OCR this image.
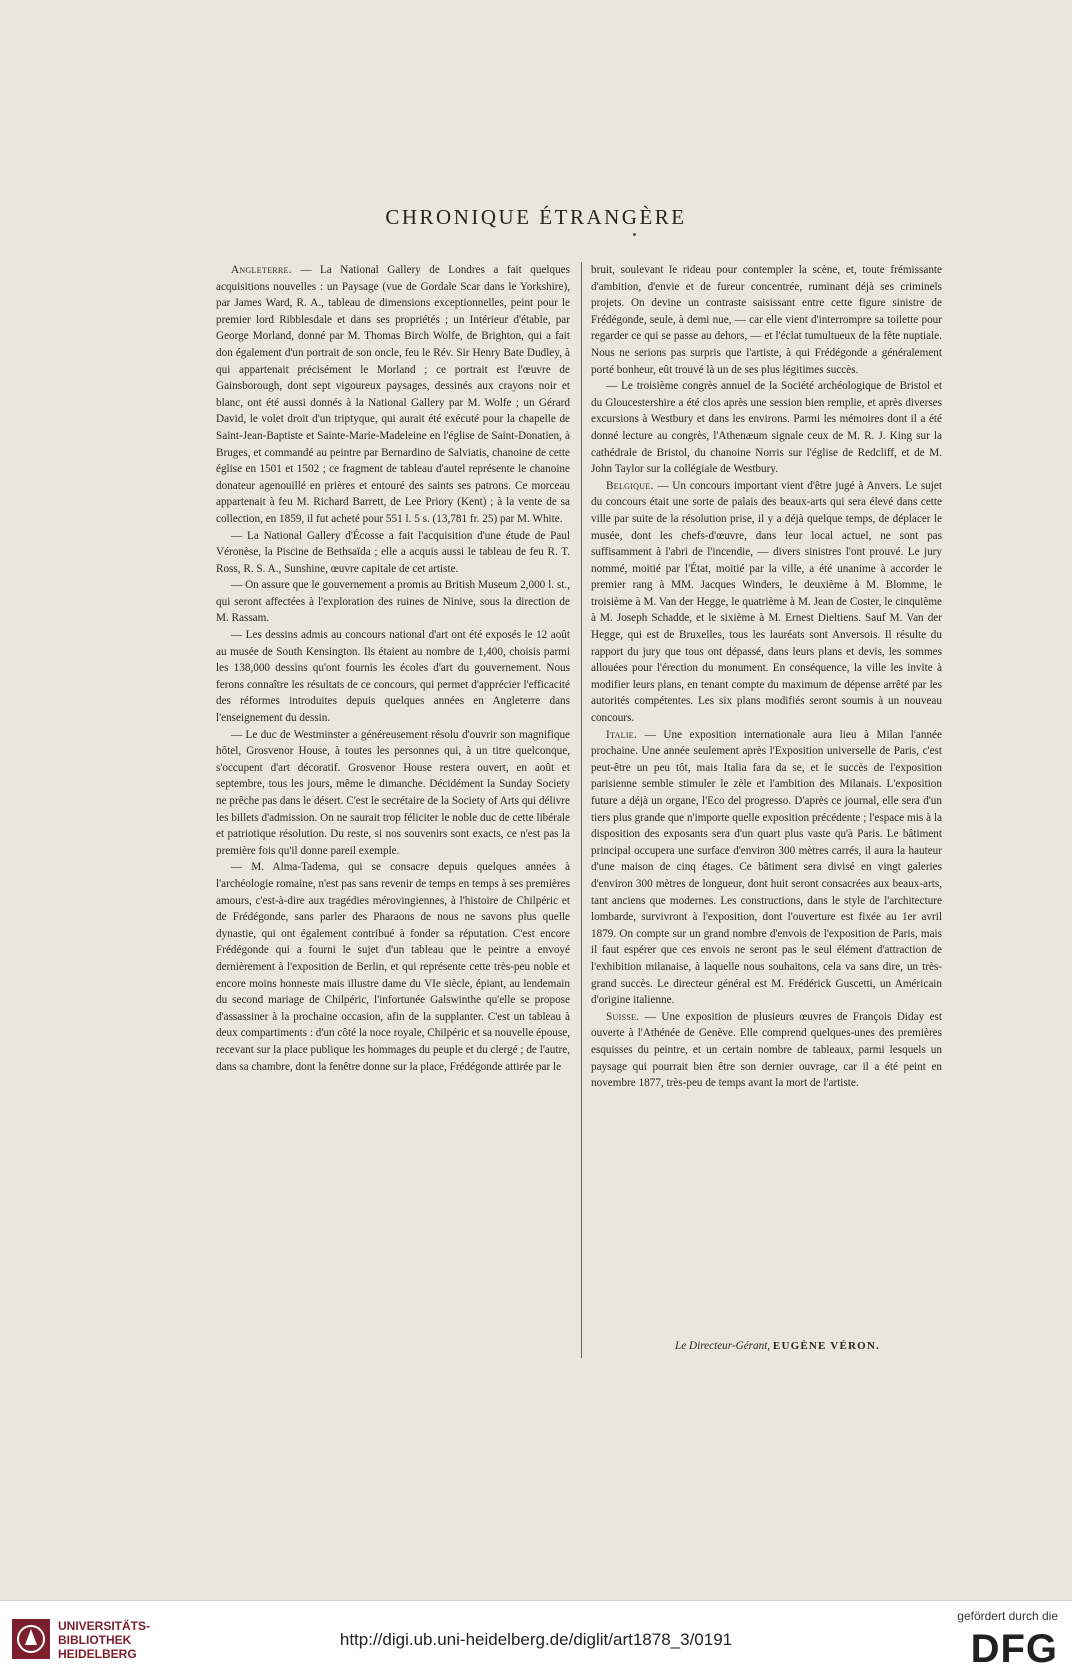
CHRONIQUE ÉTRANGÈRE

Angleterre. — La National Gallery de Londres a fait quelques acquisitions nouvelles : un Paysage (vue de Gordale Scar dans le Yorkshire), par James Ward, R. A., tableau de dimensions exceptionnelles, peint pour le premier lord Ribblesdale et dans ses propriétés ; un Intérieur d'étable, par George Morland, donné par M. Thomas Birch Wolfe, de Brighton, qui a fait don également d'un portrait de son oncle, feu le Rév. Sir Henry Bate Dudley, à qui appartenait précisément le Morland ; ce portrait est l'œuvre de Gainsborough, dont sept vigoureux paysages, dessinés aux crayons noir et blanc, ont été aussi donnés à la National Gallery par M. Wolfe ; un Gérard David, le volet droit d'un triptyque, qui aurait été exécuté pour la chapelle de Saint-Jean-Baptiste et Sainte-Marie-Madeleine en l'église de Saint-Donatien, à Bruges, et commandé au peintre par Bernardino de Salviatis, chanoine de cette église en 1501 et 1502 ; ce fragment de tableau d'autel représente le chanoine donateur agenouillé en prières et entouré des saints ses patrons. Ce morceau appartenait à feu M. Richard Barrett, de Lee Priory (Kent) ; à la vente de sa collection, en 1859, il fut acheté pour 551 l. 5 s. (13,781 fr. 25) par M. White.

— La National Gallery d'Écosse a fait l'acquisition d'une étude de Paul Véronèse, la Piscine de Bethsaïda ; elle a acquis aussi le tableau de feu R. T. Ross, R. S. A., Sunshine, œuvre capitale de cet artiste.

— On assure que le gouvernement a promis au British Museum 2,000 l. st., qui seront affectées à l'exploration des ruines de Ninive, sous la direction de M. Rassam.

— Les dessins admis au concours national d'art ont été exposés le 12 août au musée de South Kensington. Ils étaient au nombre de 1,400, choisis parmi les 138,000 dessins qu'ont fournis les écoles d'art du gouvernement. Nous ferons connaître les résultats de ce concours, qui permet d'apprécier l'efficacité des réformes introduites depuis quelques années en Angleterre dans l'enseignement du dessin.

— Le duc de Westminster a généreusement résolu d'ouvrir son magnifique hôtel, Grosvenor House, à toutes les personnes qui, à un titre quelconque, s'occupent d'art décoratif. Grosvenor House restera ouvert, en août et septembre, tous les jours, même le dimanche. Décidément la Sunday Society ne prêche pas dans le désert. C'est le secrétaire de la Society of Arts qui délivre les billets d'admission. On ne saurait trop féliciter le noble duc de cette libérale et patriotique résolution. Du reste, si nos souvenirs sont exacts, ce n'est pas la première fois qu'il donne pareil exemple.

— M. Alma-Tadema, qui se consacre depuis quelques années à l'archéologie romaine, n'est pas sans revenir de temps en temps à ses premières amours, c'est-à-dire aux tragédies mérovingiennes, à l'histoire de Chilpéric et de Frédégonde, sans parler des Pharaons de nous ne savons plus quelle dynastie, qui ont également contribué à fonder sa réputation. C'est encore Frédégonde qui a fourni le sujet d'un tableau que le peintre a envoyé dernièrement à l'exposition de Berlin, et qui représente cette très-peu noble et encore moins honneste mais illustre dame du VIe siècle, épiant, au lendemain du second mariage de Chilpéric, l'infortunée Galswinthe qu'elle se propose d'assassiner à la prochaine occasion, afin de la supplanter. C'est un tableau à deux compartiments : d'un côté la noce royale, Chilpéric et sa nouvelle épouse, recevant sur la place publique les hommages du peuple et du clergé ; de l'autre, dans sa chambre, dont la fenêtre donne sur la place, Frédégonde attirée par le

bruit, soulevant le rideau pour contempler la scène, et, toute frémissante d'ambition, d'envie et de fureur concentrée, ruminant déjà ses criminels projets. On devine un contraste saisissant entre cette figure sinistre de Frédégonde, seule, à demi nue, — car elle vient d'interrompre sa toilette pour regarder ce qui se passe au dehors, — et l'éclat tumultueux de la fête nuptiale. Nous ne serions pas surpris que l'artiste, à qui Frédégonde a généralement porté bonheur, eût trouvé là un de ses plus légitimes succès.

— Le troisième congrès annuel de la Société archéologique de Bristol et du Gloucestershire a été clos après une session bien remplie, et après diverses excursions à Westbury et dans les environs. Parmi les mémoires dont il a été donné lecture au congrès, l'Athenæum signale ceux de M. R. J. King sur la cathédrale de Bristol, du chanoine Norris sur l'église de Redcliff, et de M. John Taylor sur la collégiale de Westbury.

Belgique. — Un concours important vient d'être jugé à Anvers. Le sujet du concours était une sorte de palais des beaux-arts qui sera élevé dans cette ville par suite de la résolution prise, il y a déjà quelque temps, de déplacer le musée, dont les chefs-d'œuvre, dans leur local actuel, ne sont pas suffisamment à l'abri de l'incendie, — divers sinistres l'ont prouvé. Le jury nommé, moitié par l'État, moitié par la ville, a été unanime à accorder le premier rang à MM. Jacques Winders, le deuxième à M. Blomme, le troisième à M. Van der Hegge, le quatrième à M. Jean de Coster, le cinquième à M. Joseph Schadde, et le sixième à M. Ernest Dieltiens. Sauf M. Van der Hegge, qui est de Bruxelles, tous les lauréats sont Anversois. Il résulte du rapport du jury que tous ont dépassé, dans leurs plans et devis, les sommes allouées pour l'érection du monument. En conséquence, la ville les invite à modifier leurs plans, en tenant compte du maximum de dépense arrêté par les autorités compétentes. Les six plans modifiés seront soumis à un nouveau concours.

Italie. — Une exposition internationale aura lieu à Milan l'année prochaine. Une année seulement après l'Exposition universelle de Paris, c'est peut-être un peu tôt, mais Italia fara da se, et le succès de l'exposition parisienne semble stimuler le zèle et l'ambition des Milanais. L'exposition future a déjà un organe, l'Eco del progresso. D'après ce journal, elle sera d'un tiers plus grande que n'importe quelle exposition précédente ; l'espace mis à la disposition des exposants sera d'un quart plus vaste qu'à Paris. Le bâtiment principal occupera une surface d'environ 300 mètres carrés, il aura la hauteur d'une maison de cinq étages. Ce bâtiment sera divisé en vingt galeries d'environ 300 mètres de longueur, dont huit seront consacrées aux beaux-arts, tant anciens que modernes. Les constructions, dans le style de l'architecture lombarde, survivront à l'exposition, dont l'ouverture est fixée au 1er avril 1879. On compte sur un grand nombre d'envois de l'exposition de Paris, mais il faut espérer que ces envois ne seront pas le seul élément d'attraction de l'exhibition milanaise, à laquelle nous souhaitons, cela va sans dire, un très-grand succès. Le directeur général est M. Frédérick Guscetti, un Américain d'origine italienne.

Suisse. — Une exposition de plusieurs œuvres de François Diday est ouverte à l'Athénée de Genève. Elle comprend quelques-unes des premières esquisses du peintre, et un certain nombre de tableaux, parmi lesquels un paysage qui pourrait bien être son dernier ouvrage, car il a été peint en novembre 1877, très-peu de temps avant la mort de l'artiste.

Le Directeur-Gérant, EUGÈNE VÉRON.
UNIVERSITÄTS-
BIBLIOTHEK
HEIDELBERG
http://digi.ub.uni-heidelberg.de/diglit/art1878_3/0191
gefördert durch die
DFG
